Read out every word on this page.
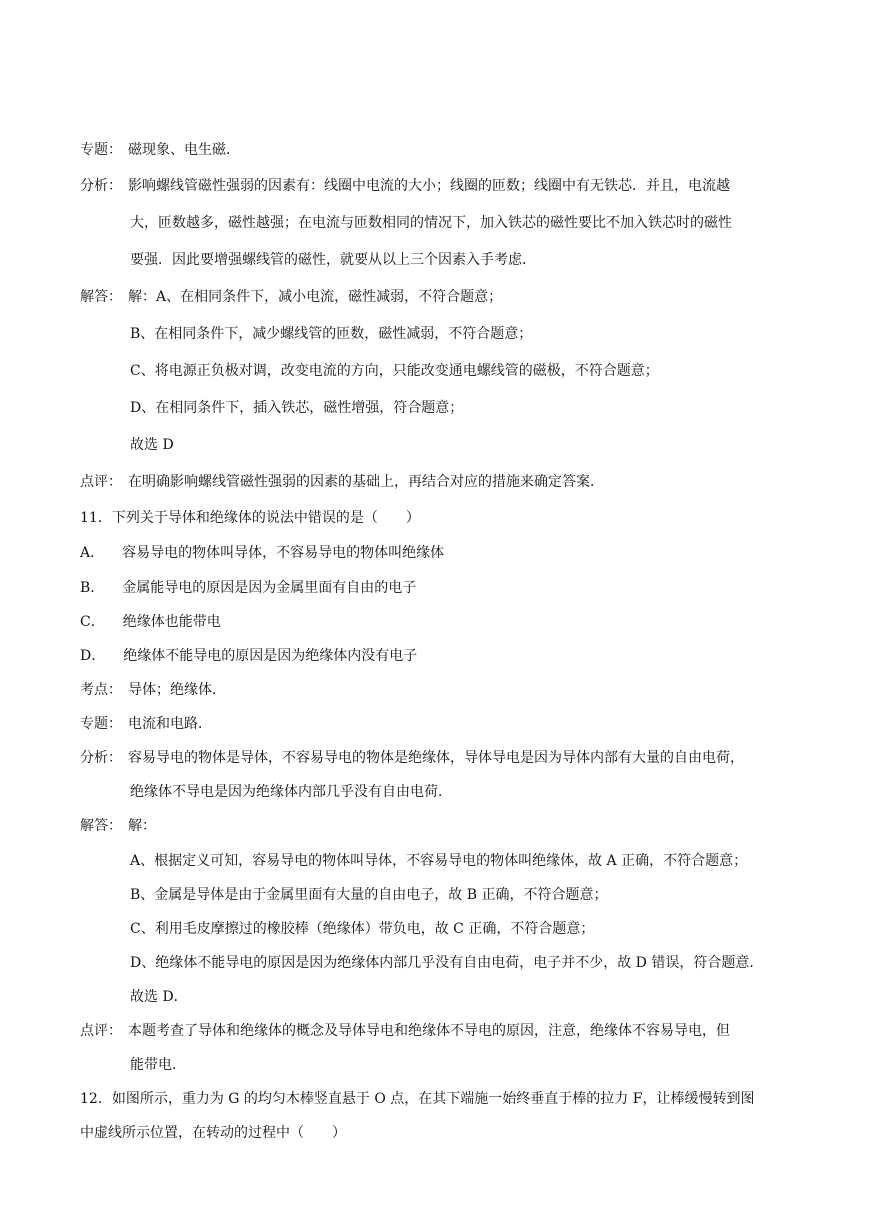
专题： 磁现象、电生磁．
分析： 影响螺线管磁性强弱的因素有：线圈中电流的大小；线圈的匝数；线圈中有无铁芯．并且，电流越
大，匝数越多，磁性越强；在电流与匝数相同的情况下，加入铁芯的磁性要比不加入铁芯时的磁性
要强．因此要增强螺线管的磁性，就要从以上三个因素入手考虑．
解答： 解：A、在相同条件下，减小电流，磁性减弱，不符合题意；
B、在相同条件下，减少螺线管的匝数，磁性减弱，不符合题意；
C、将电源正负极对调，改变电流的方向，只能改变通电螺线管的磁极，不符合题意；
D、在相同条件下，插入铁芯，磁性增强，符合题意；
故选 D
点评： 在明确影响螺线管磁性强弱的因素的基础上，再结合对应的措施来确定答案．
11．下列关于导体和绝缘体的说法中错误的是（　　）
A． 容易导电的物体叫导体，不容易导电的物体叫绝缘体
B． 金属能导电的原因是因为金属里面有自由的电子
C． 绝缘体也能带电
D． 绝缘体不能导电的原因是因为绝缘体内没有电子
考点： 导体；绝缘体．
专题： 电流和电路．
分析： 容易导电的物体是导体，不容易导电的物体是绝缘体，导体导电是因为导体内部有大量的自由电荷，
绝缘体不导电是因为绝缘体内部几乎没有自由电荷．
解答： 解：
A、根据定义可知，容易导电的物体叫导体，不容易导电的物体叫绝缘体，故 A 正确，不符合题意；
B、金属是导体是由于金属里面有大量的自由电子，故 B 正确，不符合题意；
C、利用毛皮摩擦过的橡胶棒（绝缘体）带负电，故 C 正确，不符合题意；
D、绝缘体不能导电的原因是因为绝缘体内部几乎没有自由电荷，电子并不少，故 D 错误，符合题意．
故选 D．
点评： 本题考查了导体和绝缘体的概念及导体导电和绝缘体不导电的原因，注意，绝缘体不容易导电，但
能带电．
12．如图所示，重力为 G 的均匀木棒竖直悬于 O 点，在其下端施一始终垂直于棒的拉力 F，让棒缓慢转到图
中虚线所示位置，在转动的过程中（　　）
